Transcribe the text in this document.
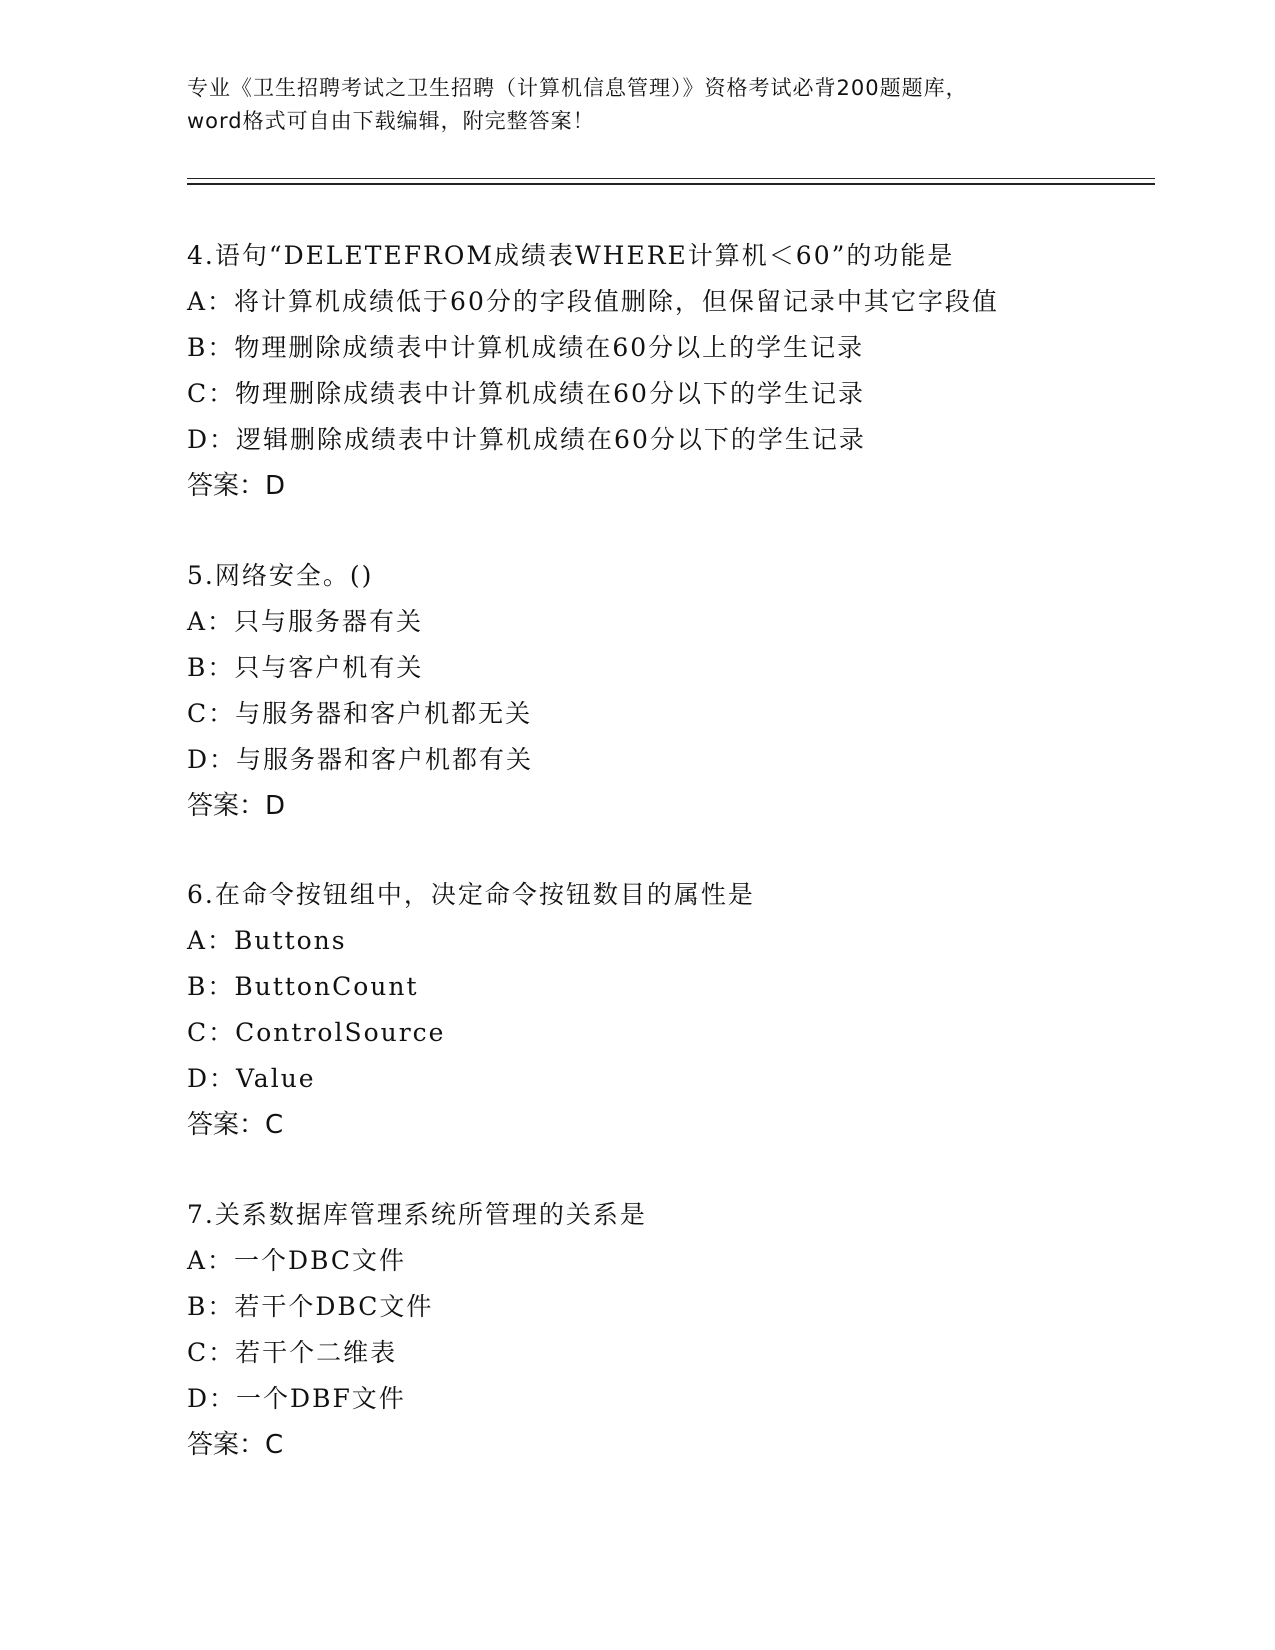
专业《卫生招聘考试之卫生招聘（计算机信息管理）》资格考试必背200题题库，
word格式可自由下载编辑，附完整答案！
4.语句“DELETEFROM成绩表WHERE计算机＜60”的功能是
A：将计算机成绩低于60分的字段值删除，但保留记录中其它字段值
B：物理删除成绩表中计算机成绩在60分以上的学生记录
C：物理删除成绩表中计算机成绩在60分以下的学生记录
D：逻辑删除成绩表中计算机成绩在60分以下的学生记录
答案：D
5.网络安全。()
A：只与服务器有关
B：只与客户机有关
C：与服务器和客户机都无关
D：与服务器和客户机都有关
答案：D
6.在命令按钮组中，决定命令按钮数目的属性是
A：Buttons
B：ButtonCount
C：ControlSource
D：Value
答案：C
7.关系数据库管理系统所管理的关系是
A：一个DBC文件
B：若干个DBC文件
C：若干个二维表
D：一个DBF文件
答案：C
